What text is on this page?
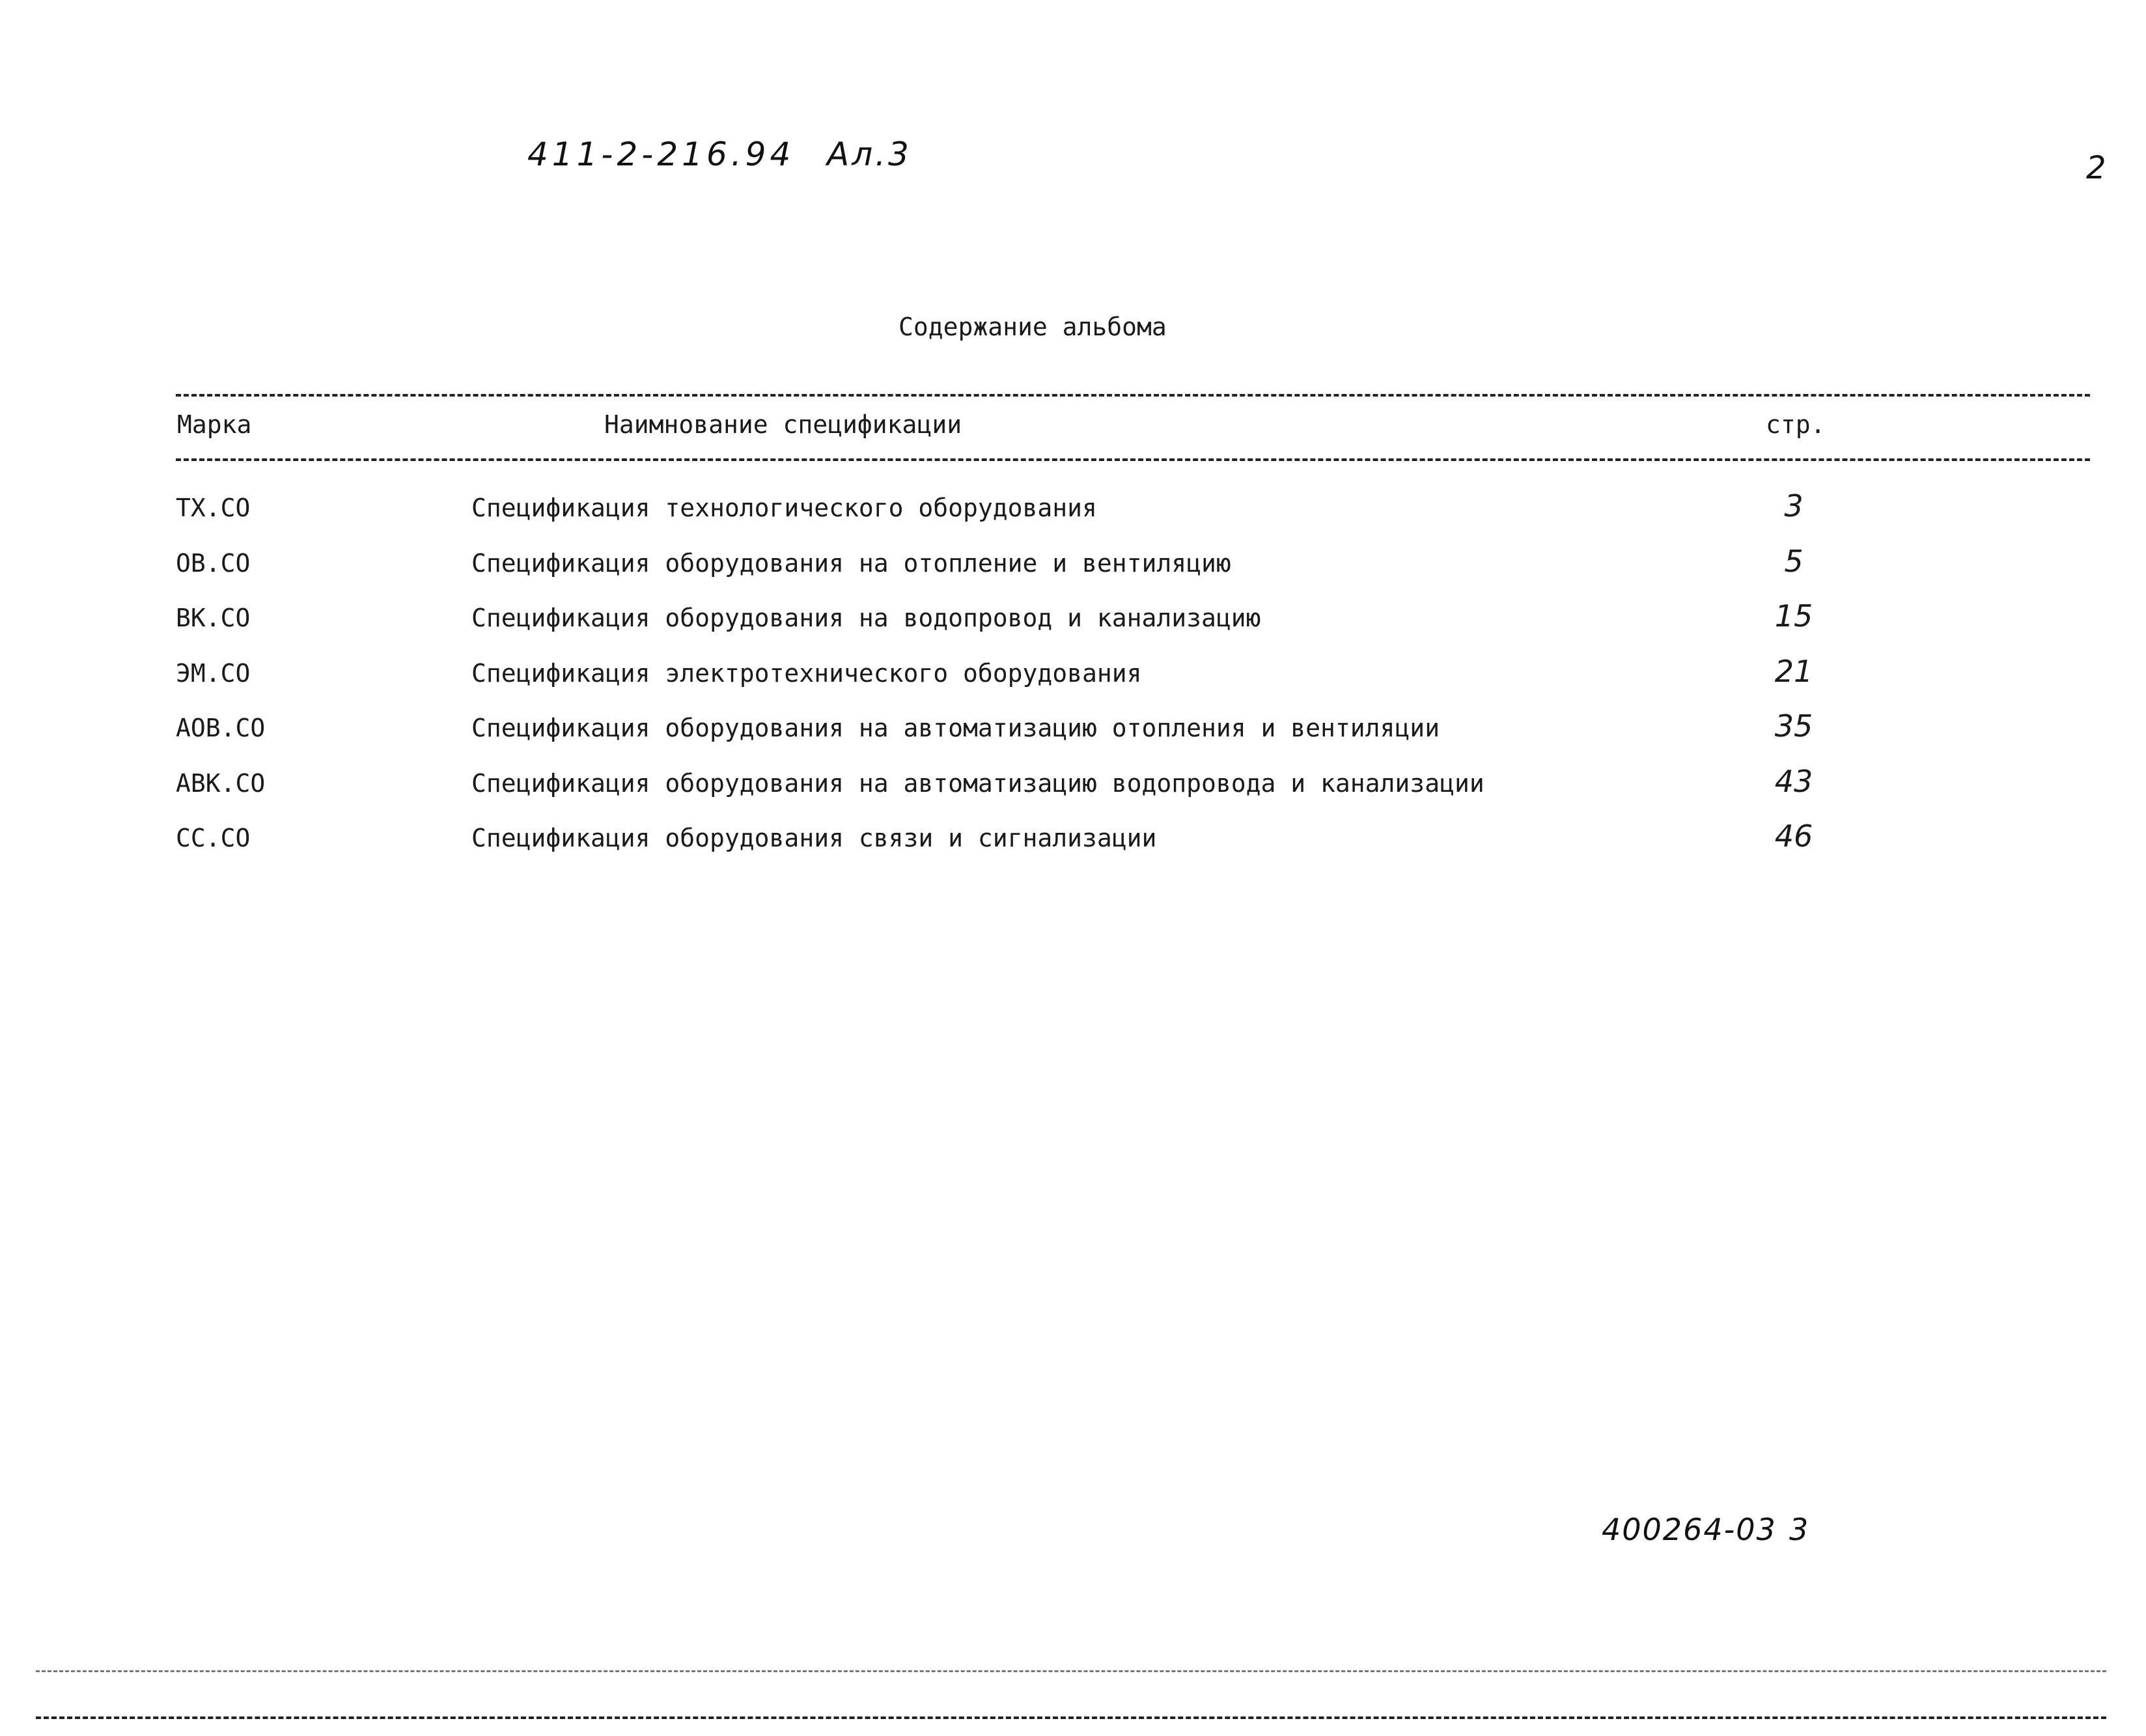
411-2-216.94 Ал.3	2
Содержание альбома
Марка	Наимнование спецификации	стр.
ТХ.СО	Спецификация технологического оборудования	3
ОВ.СО	Спецификация оборудования на отопление и вентиляцию	5
ВК.СО	Спецификация оборудования на водопровод и канализацию	15
ЭМ.СО	Спецификация электротехнического оборудования	21
АОВ.СО	Спецификация оборудования на автоматизацию отопления и вентиляции	35
АВК.СО	Спецификация оборудования на автоматизацию водопровода и канализации	43
СС.СО	Спецификация оборудования связи и сигнализации	46
400264-03 3
